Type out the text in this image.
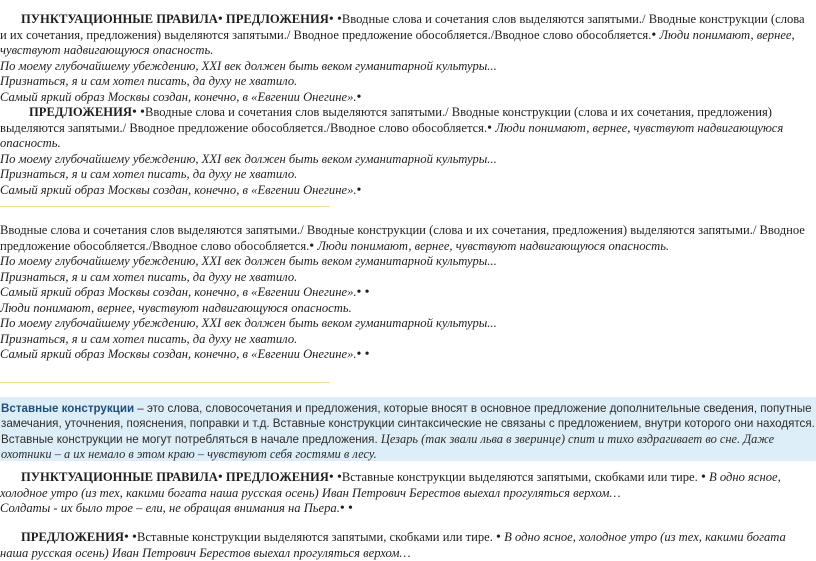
ПУНКТУАЦИОННЫЕ ПРАВИЛА• ПРЕДЛОЖЕНИЯ• •Вводные слова и сочетания слов выделяются запятыми./ Вводные конструкции (слова и их сочетания, предложения) выделяются запятыми./ Вводное предложение обособляется./Вводное слово обособляется.• Люди понимают, вернее, чувствуют надвигающуюся опасность.
По моему глубочайшему убеждению, XXI век должен быть веком гуманитарной культуры...
Признаться, я и сам хотел писать, да духу не хватило.
Самый яркий образ Москвы создан, конечно, в «Евгении Онегине».•
ПРЕДЛОЖЕНИЯ• •Вводные слова и сочетания слов выделяются запятыми./ Вводные конструкции (слова и их сочетания, предложения) выделяются запятыми./ Вводное предложение обособляется./Вводное слово обособляется.• Люди понимают, вернее, чувствуют надвигающуюся опасность.
По моему глубочайшему убеждению, XXI век должен быть веком гуманитарной культуры...
Признаться, я и сам хотел писать, да духу не хватило.
Самый яркий образ Москвы создан, конечно, в «Евгении Онегине».•
Вводные слова и сочетания слов выделяются запятыми./ Вводные конструкции (слова и их сочетания, предложения) выделяются запятыми./ Вводное предложение обособляется./Вводное слово обособляется.• Люди понимают, вернее, чувствуют надвигающуюся опасность.
По моему глубочайшему убеждению, XXI век должен быть веком гуманитарной культуры...
Признаться, я и сам хотел писать, да духу не хватило.
Самый яркий образ Москвы создан, конечно, в «Евгении Онегине».• •
Люди понимают, вернее, чувствуют надвигающуюся опасность.
По моему глубочайшему убеждению, XXI век должен быть веком гуманитарной культуры...
Признаться, я и сам хотел писать, да духу не хватило.
Самый яркий образ Москвы создан, конечно, в «Евгении Онегине».• •
Вставные конструкции – это слова, словосочетания и предложения, которые вносят в основное предложение дополнительные сведения, попутные замечания, уточнения, пояснения, поправки и т.д. Вставные конструкции синтаксические не связаны с предложением, внутри которого они находятся. Вставные конструкции не могут потребляться в начале предложения. Цезарь (так звали льва в зверинце) спит и тихо вздрагивает во сне. Даже охотники – а их немало в этом краю – чувствуют себя гостями в лесу.
ПУНКТУАЦИОННЫЕ ПРАВИЛА• ПРЕДЛОЖЕНИЯ• •Вставные конструкции выделяются запятыми, скобками или тире. • В одно ясное, холодное утро (из тех, какими богата наша русская осень) Иван Петрович Берестов выехал прогуляться верхом…
Солдаты - их было трое – ели, не обращая внимания на Пьера.• •
ПРЕДЛОЖЕНИЯ• •Вставные конструкции выделяются запятыми, скобками или тире. • В одно ясное, холодное утро (из тех, какими богата наша русская осень) Иван Петрович Берестов выехал прогуляться верхом…
